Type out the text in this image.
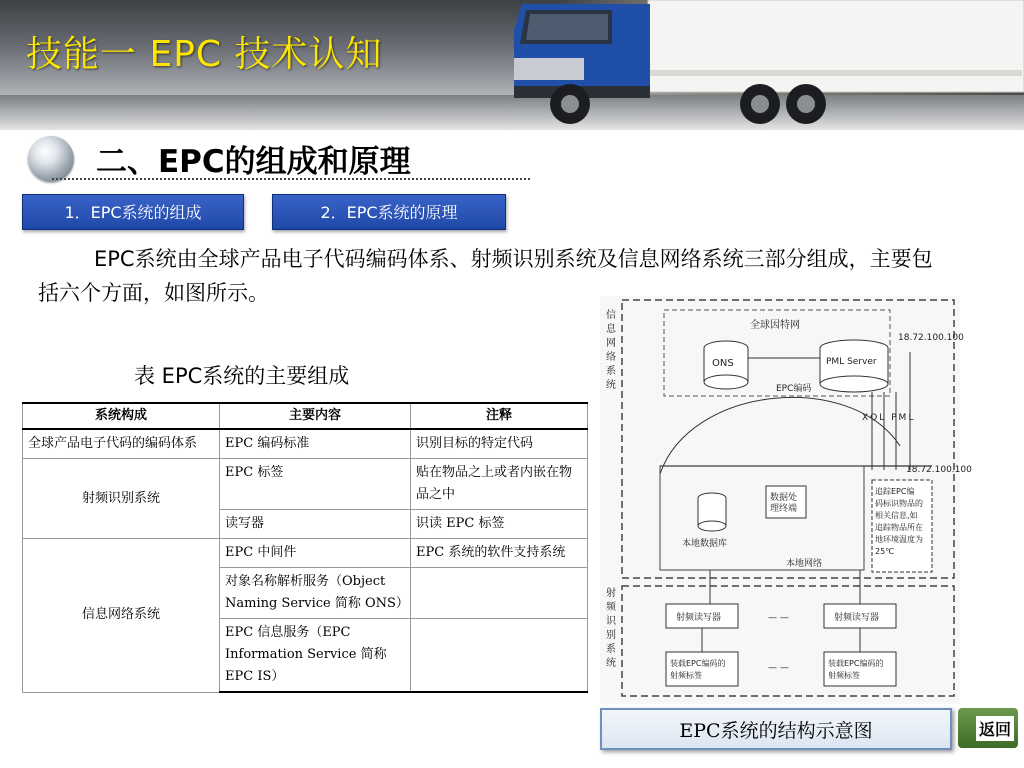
技能一 EPC 技术认知
二、EPC的组成和原理
1．EPC系统的组成	2．EPC系统的原理

EPC系统由全球产品电子代码编码体系、射频识别系统及信息网络系统三部分组成，主要包括六个方面，如图所示。

表 EPC系统的主要组成

系统构成	主要内容	注释
全球产品电子代码的编码体系	EPC 编码标准	识别目标的特定代码
射频识别系统	EPC 标签	贴在物品之上或者内嵌在物品之中
	读写器	识读 EPC 标签
信息网络系统	EPC 中间件	EPC 系统的软件支持系统
	对象名称解析服务（Object Naming Service 简称 ONS）	
	EPC 信息服务（EPC Information Service 简称 EPC IS）	
信息网络系统
射频识别系统
全球因特网
18.72.100.100
ONS	PML Server
EPC编码
XQL PML
18.72.100.100
本地数据库
数据处理终端
本地网络
追踪EPC编码标识物品的相关信息,如追踪物品所在地环境温度为 25℃
射频读写器	射频读写器
— —
装载EPC编码的射频标签
装载EPC编码的射频标签
— —
EPC系统的结构示意图	返回
